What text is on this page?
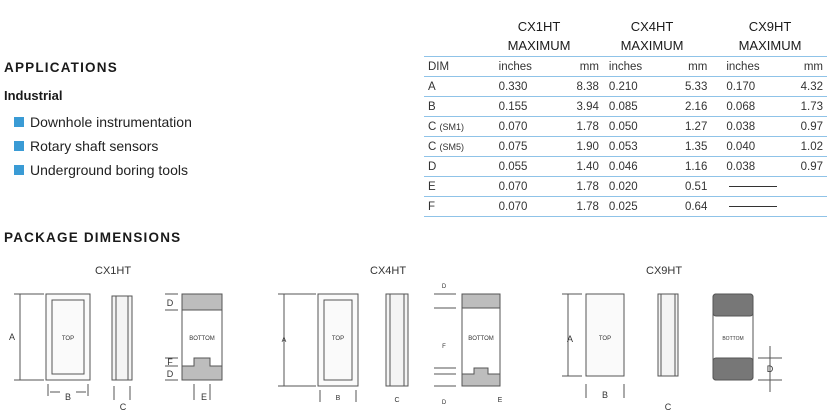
APPLICATIONS
Industrial
Downhole instrumentation
Rotary shaft sensors
Underground boring tools
CX1HT
MAXIMUM
CX4HT
MAXIMUM
CX9HT
MAXIMUM
DIM	inches	mm	inches	mm	inches	mm
A	0.330	8.38	0.210	5.33	0.170	4.32
B	0.155	3.94	0.085	2.16	0.068	1.73
C (SM1)	0.070	1.78	0.050	1.27	0.038	0.97
C (SM5)	0.075	1.90	0.053	1.35	0.040	1.02
D	0.055	1.40	0.046	1.16	0.038	0.97
E	0.070	1.78	0.020	0.51		

F	0.070	1.78	0.025	0.64		
PACKAGE DIMENSIONS
CX1HT	CX4HT	CX9HT
A
B
C
D
F
D
E
A
B	C
D
F
D	E
A
B
C
D
TOP	BOTTOM	TOP	BOTTOM	TOP	BOTTOM
